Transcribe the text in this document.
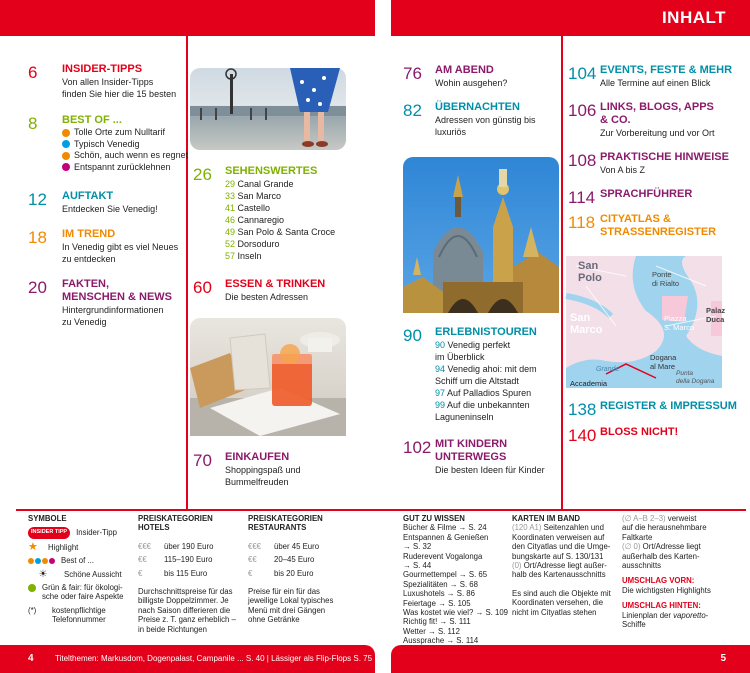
INHALT
6 INSIDER-TIPPS
Von allen Insider-Tipps
finden Sie hier die 15 besten
8 BEST OF ...
Tolle Orte zum Nulltarif
Typisch Venedig
Schön, auch wenn es regnet
Entspannt zurücklehnen
12 AUFTAKT
Entdecken Sie Venedig!
18 IM TREND
In Venedig gibt es viel Neues
zu entdecken
20 FAKTEN,
MENSCHEN & NEWS
Hintergrundinformationen
zu Venedig
26 SEHENSWERTES
29 Canal Grande
33 San Marco
41 Castello
46 Cannaregio
49 San Polo & Santa Croce
52 Dorsoduro
57 Inseln
60 ESSEN & TRINKEN
Die besten Adressen
70 EINKAUFEN
Shoppingspaß und
Bummelfreuden
76 AM ABEND
Wohin ausgehen?
82 ÜBERNACHTEN
Adressen von günstig bis
luxuriös
90 ERLEBNISTOUREN
90 Venedig perfekt
im Überblick
94 Venedig ahoi: mit dem
Schiff um die Altstadt
97 Auf Palladios Spuren
99 Auf die unbekannten
Laguneninseln
102 MIT KINDERN
UNTERWEGS
Die besten Ideen für Kinder
104 EVENTS, FESTE & MEHR
Alle Termine auf einen Blick
106 LINKS, BLOGS, APPS
& CO.
Zur Vorbereitung und vor Ort
108 PRAKTISCHE HINWEISE
Von A bis Z
114 SPRACHFÜHRER
118 CITYATLAS &
STRASSENREGISTER
San
Polo	Ponte
di Rialto
San
Marco
Piazza
S. Marco
Palaz
Duca
Dogana
al Mare
Punta
della Dogana
Accademia
Grande
138 REGISTER & IMPRESSUM
140 BLOSS NICHT!
SYMBOLE
INSIDER TIPP	Insider-Tipp
★	Highlight
Best of ...
☀	Schöne Aussicht
Grün & fair: für ökologi-
sche oder faire Aspekte
(*)	kostenpflichtige
Telefonnummer
PREISKATEGORIEN
HOTELS
€€€	über 190 Euro
€€	115–190 Euro
€	bis 115 Euro
Durchschnittspreise für das
billigste Doppelzimmer. Je
nach Saison differieren die
Preise z. T. ganz erheblich –
in beide Richtungen
PREISKATEGORIEN
RESTAURANTS
€€€	über 45 Euro
€€	20–45 Euro
€	bis 20 Euro
Preise für ein für das
jeweilige Lokal typisches
Menü mit drei Gängen
ohne Getränke
GUT ZU WISSEN
Bücher & Filme → S. 24
Entspannen & Genießen
→ S. 32
Ruderevent Vogalonga
→ S. 44
Gourmettempel → S. 65
Spezialitäten → S. 68
Luxushotels → S. 86
Feiertage → S. 105
Was kostet wie viel? → S. 109
Richtig fit! → S. 111
Wetter → S. 112
Aussprache → S. 114
KARTEN IM BAND
(120 A1) Seitenzahlen und
Koordinaten verweisen auf
den Cityatlas und die Umge-
bungskarte auf S. 130/131
(0) Ort/Adresse liegt außer-
halb des Kartenausschnitts
Es sind auch die Objekte mit
Koordinaten versehen, die
nicht im Cityatlas stehen
(∅ A–B 2–3) verweist
auf die herausnehmbare
Faltkarte
(∅ 0) Ort/Adresse liegt
außerhalb des Karten-
ausschnitts
UMSCHLAG VORN:
Die wichtigsten Highlights
UMSCHLAG HINTEN:
Linienplan der vaporetto-
Schiffe
4	Titelthemen: Markusdom, Dogenpalast, Campanile ... S. 40 | Lässiger als Flip-Flops S. 75	5
